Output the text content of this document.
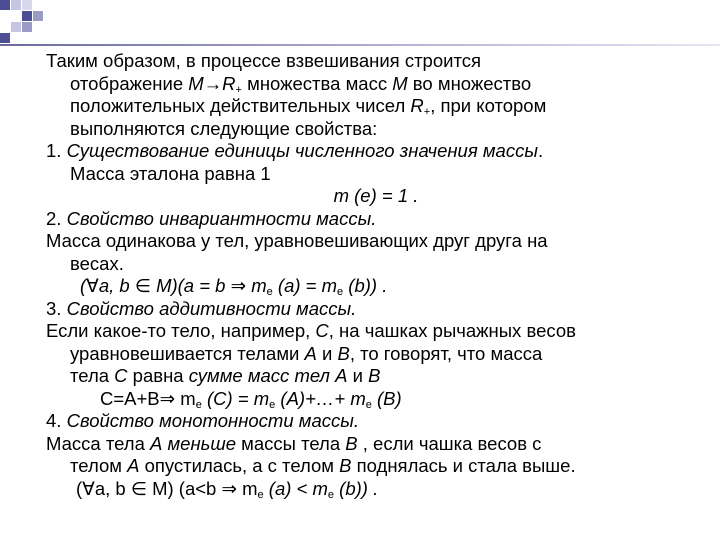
Таким образом, в процессе взвешивания строится
отображение $M\to R_+$ множества масс M во множество
положительных действительных чисел $R_+$, при котором
выполняются следующие свойства:
1. Существование единицы численного значения массы.
Масса эталона равна 1
m (e) = 1 .
2. Свойство инвариантности массы.
Масса одинакова у тел, уравновешивающих друг друга на
весах.
(∀a, b ∈ M)(a = b ⇒ $m_e$ $(a) = m_e$ (b)) .
3. Свойство аддитивности массы.
Если какое-то тело, например, С, на чашках рычажных весов
уравновешивается телами А и В, то говорят, что масса
тела С равна сумме масс тел А и В
C=A+B⇒ $m_e$ $(C) = m_e$ (A)+…+ $m_e$ (B)
4. Свойство монотонности массы.
Масса тела А меньше массы тела В , если чашка весов с
телом А опустилась, а с телом В поднялась и стала выше.
(∀a, b ∈ M) (a<b ⇒ $m_e$ $(a) < m_e$ (b)) .
